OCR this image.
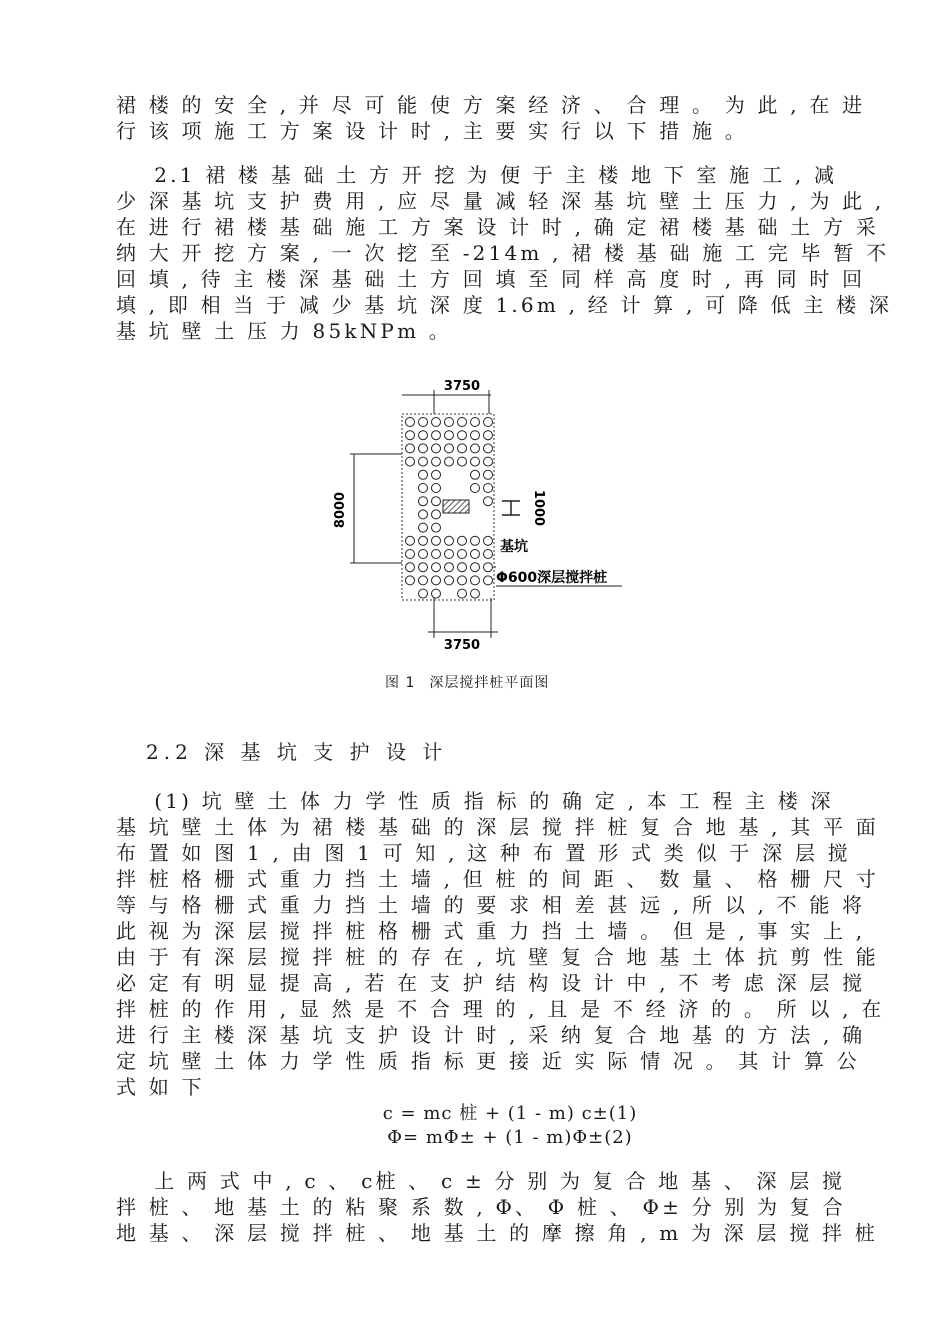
裙 楼 的 安 全 , 并 尽 可 能 使 方 案 经 济 、 合 理 。 为 此 , 在 进
行 该 项 施 工 方 案 设 计 时 , 主 要 实 行 以 下 措 施 。

2.1 裙 楼 基 础 土 方 开 挖 为 便 于 主 楼 地 下 室 施 工 , 减
少 深 基 坑 支 护 费 用 , 应 尽 量 减 轻 深 基 坑 壁 土 压 力 , 为 此 ,
在 进 行 裙 楼 基 础 施 工 方 案 设 计 时 , 确 定 裙 楼 基 础 土 方 采
纳 大 开 挖 方 案 , 一 次 挖 至 -214m , 裙 楼 基 础 施 工 完 毕 暂 不
回 填 , 待 主 楼 深 基 础 土 方 回 填 至 同 样 高 度 时 , 再 同 时 回
填 , 即 相 当 于 减 少 基 坑 深 度 1.6m , 经 计 算 , 可 降 低 主 楼 深
基 坑 壁 土 压 力 85kNPm 。

3750
8000	1000
基坑
Φ600深层搅拌桩
3750
图 1 深层搅拌桩平面图
2.2 深 基 坑 支 护 设 计

(1) 坑 壁 土 体 力 学 性 质 指 标 的 确 定 , 本 工 程 主 楼 深
基 坑 壁 土 体 为 裙 楼 基 础 的 深 层 搅 拌 桩 复 合 地 基 , 其 平 面
布 置 如 图 1 , 由 图 1 可 知 , 这 种 布 置 形 式 类 似 于 深 层 搅
拌 桩 格 栅 式 重 力 挡 土 墙 , 但 桩 的 间 距 、 数 量 、 格 栅 尺 寸
等 与 格 栅 式 重 力 挡 土 墙 的 要 求 相 差 甚 远 , 所 以 , 不 能 将
此 视 为 深 层 搅 拌 桩 格 栅 式 重 力 挡 土 墙 。 但 是 , 事 实 上 ,
由 于 有 深 层 搅 拌 桩 的 存 在 , 坑 壁 复 合 地 基 土 体 抗 剪 性 能
必 定 有 明 显 提 高 , 若 在 支 护 结 构 设 计 中 , 不 考 虑 深 层 搅
拌 桩 的 作 用 , 显 然 是 不 合 理 的 , 且 是 不 经 济 的 。 所 以 , 在
进 行 主 楼 深 基 坑 支 护 设 计 时 , 采 纳 复 合 地 基 的 方 法 , 确
定 坑 壁 土 体 力 学 性 质 指 标 更 接 近 实 际 情 况 。 其 计 算 公
式 如 下

c = mc 桩 + (1 - m) c±(1)
Φ= mΦ± + (1 - m)Φ±(2)

上 两 式 中 , c 、 c桩 、 c ± 分 别 为 复 合 地 基 、 深 层 搅
拌 桩 、 地 基 土 的 粘 聚 系 数 , Φ、 Φ 桩 、 Φ± 分 别 为 复 合
地 基 、 深 层 搅 拌 桩 、 地 基 土 的 摩 擦 角 , m 为 深 层 搅 拌 桩
